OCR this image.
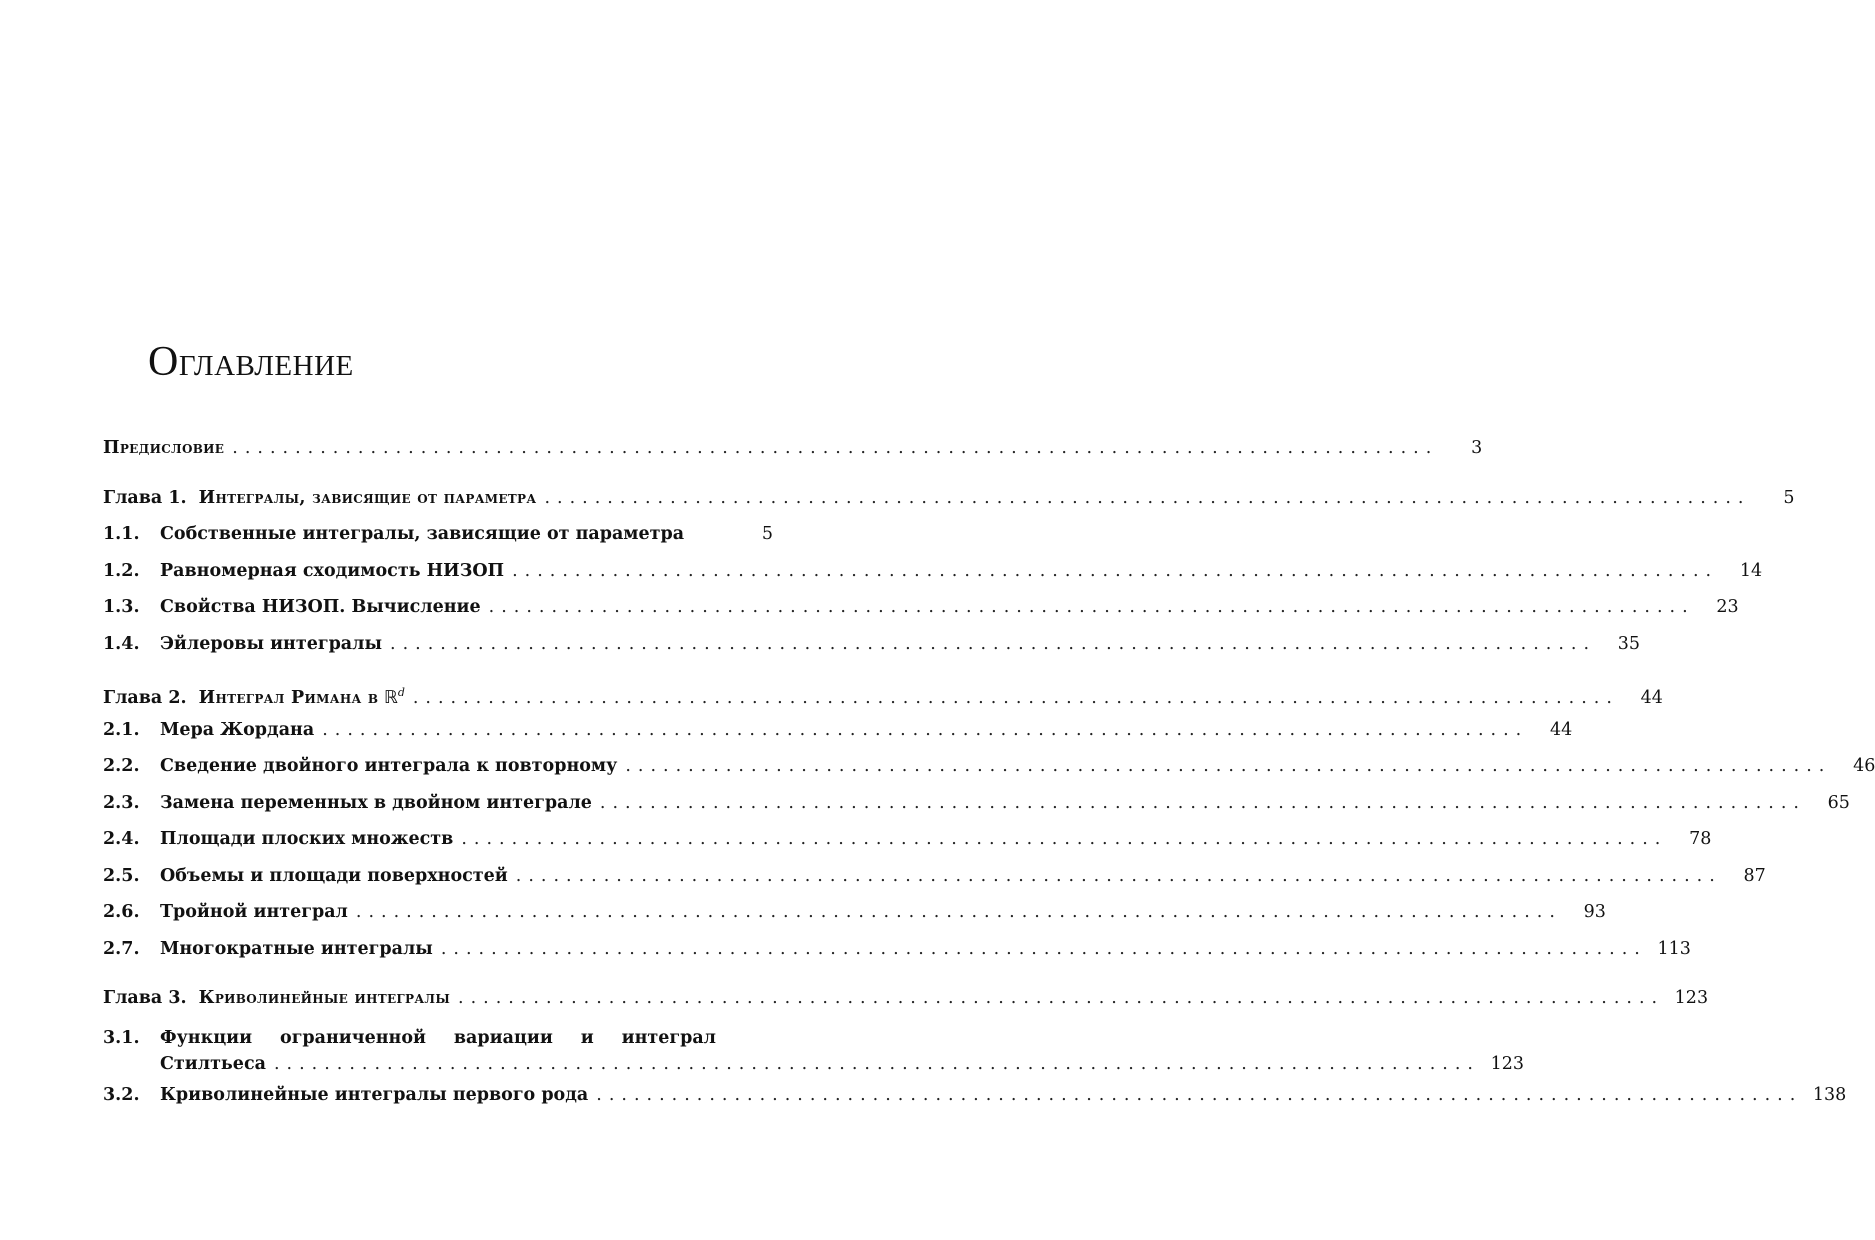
Оглавление
Предисловие .....	3
Глава 1. Интегралы, зависящие от параметра .....	5
1.1.	Собственные интегралы, зависящие от параметра	5
1.2.	Равномерная сходимость НИЗОП .....	14
1.3.	Свойства НИЗОП. Вычисление .....	23
1.4.	Эйлеровы интегралы .....	35
Глава 2. Интеграл Римана в ℝ$^d$ .....	44
2.1.	Мера Жордана .....	44
2.2.	Сведение двойного интеграла к повторному .....	46
2.3.	Замена переменных в двойном интеграле .....	65
2.4.	Площади плоских множеств .....	78
2.5.	Объемы и площади поверхностей .....	87
2.6.	Тройной интеграл .....	93
2.7.	Многократные интегралы .....	113
Глава 3. Криволинейные интегралы .....	123
3.1.	Функции ограниченной вариации и интеграл
Стилтьеса .....	123
3.2.	Криволинейные интегралы первого рода .....	138
